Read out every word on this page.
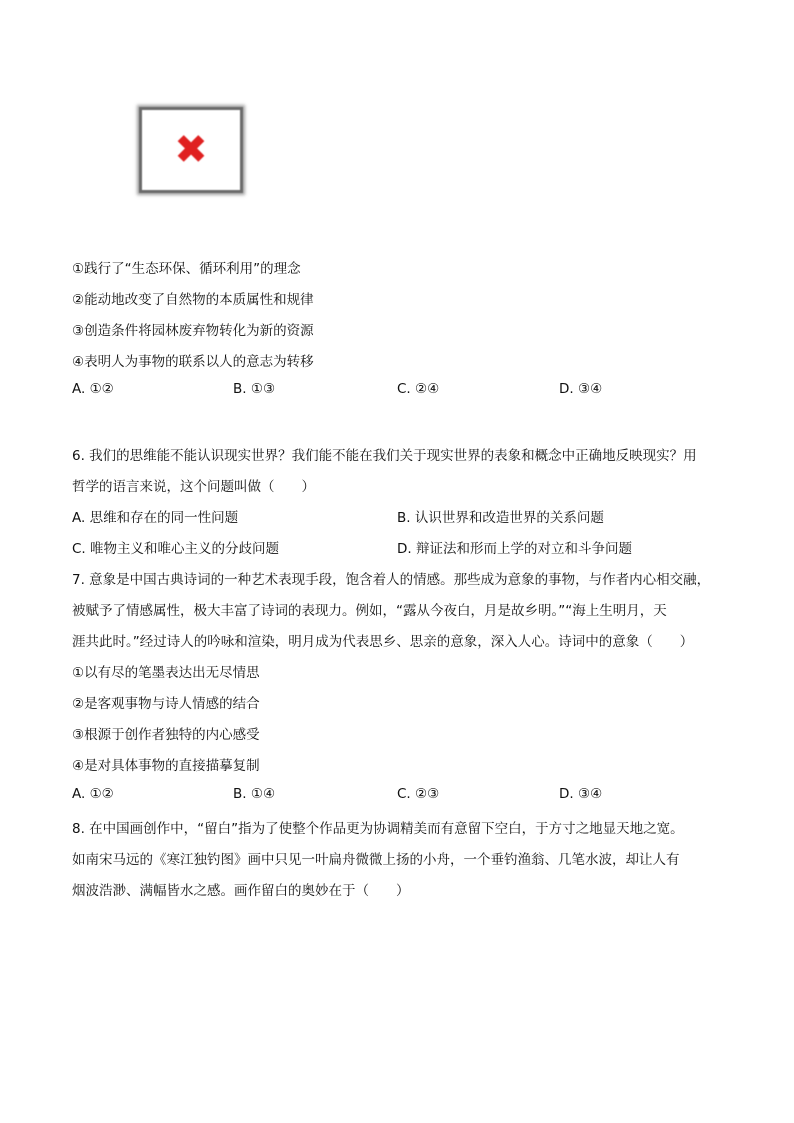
✖
①践行了“生态环保、循环利用”的理念
②能动地改变了自然物的本质属性和规律
③创造条件将园林废弃物转化为新的资源
④表明人为事物的联系以人的意志为转移
A. ①②	B. ①③	C. ②④	D. ③④
6. 我们的思维能不能认识现实世界？我们能不能在我们关于现实世界的表象和概念中正确地反映现实？用
哲学的语言来说，这个问题叫做（　　）
A. 思维和存在的同一性问题	B. 认识世界和改造世界的关系问题
C. 唯物主义和唯心主义的分歧问题	D. 辩证法和形而上学的对立和斗争问题
7. 意象是中国古典诗词的一种艺术表现手段，饱含着人的情感。那些成为意象的事物，与作者内心相交融，
被赋予了情感属性，极大丰富了诗词的表现力。例如，“露从今夜白，月是故乡明。”“海上生明月，天
涯共此时。”经过诗人的吟咏和渲染，明月成为代表思乡、思亲的意象，深入人心。诗词中的意象（　　）
①以有尽的笔墨表达出无尽情思
②是客观事物与诗人情感的结合
③根源于创作者独特的内心感受
④是对具体事物的直接描摹复制
A. ①②	B. ①④	C. ②③	D. ③④
8. 在中国画创作中，“留白”指为了使整个作品更为协调精美而有意留下空白，于方寸之地显天地之宽。
如南宋马远的《寒江独钓图》画中只见一叶扁舟微微上扬的小舟，一个垂钓渔翁、几笔水波，却让人有
烟波浩渺、满幅皆水之感。画作留白的奥妙在于（　　）
